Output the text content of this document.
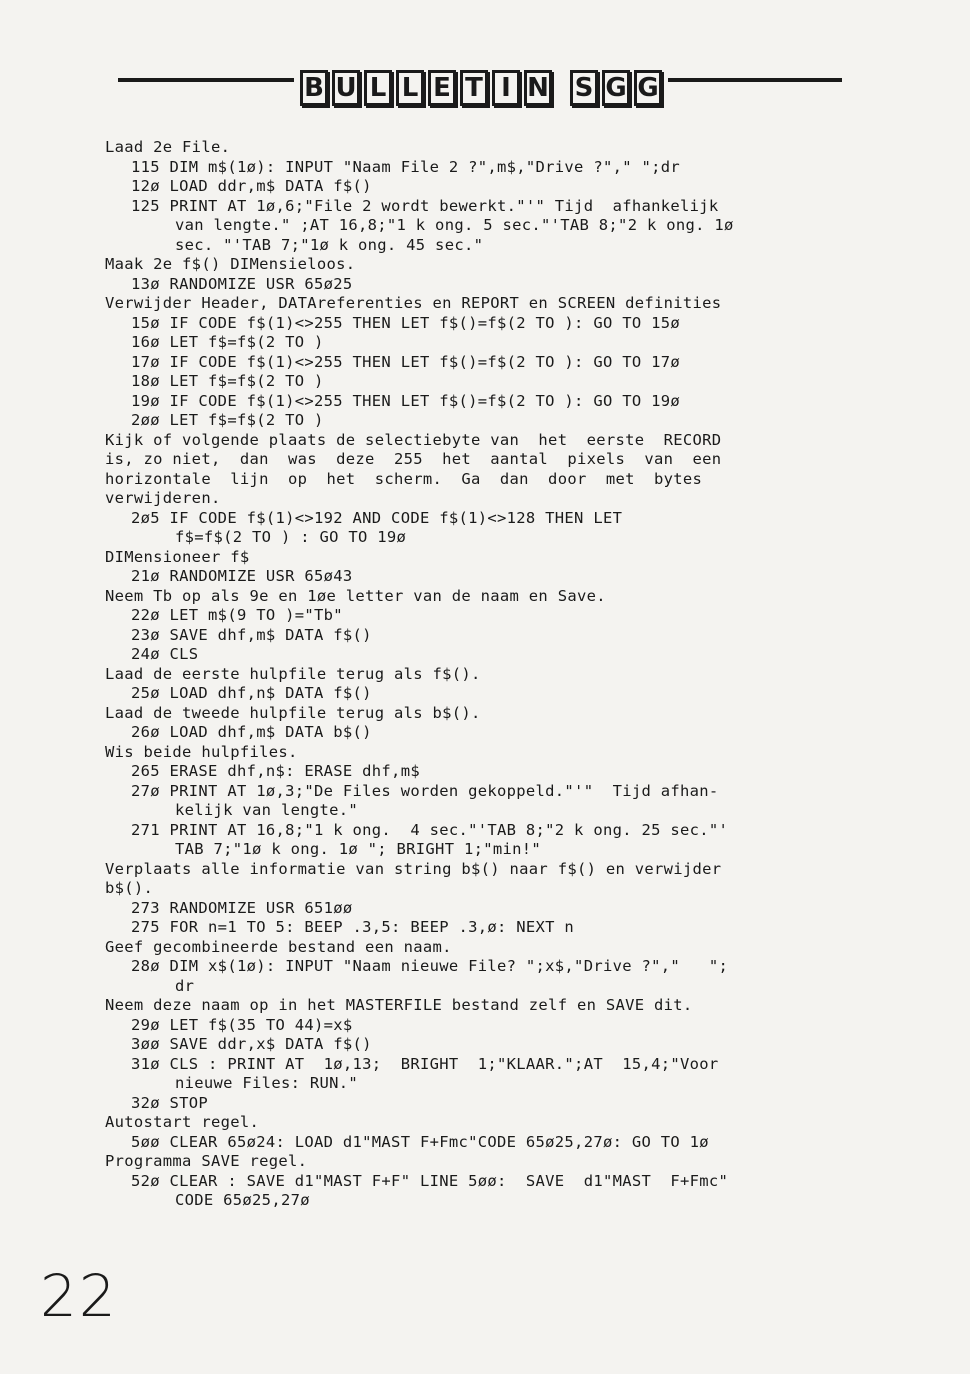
B U L L E T I N S G G
Laad 2e File.
115 DIM m$(1ø): INPUT "Naam File 2 ?",m$,"Drive ?"," ";dr
12ø LOAD ddr,m$ DATA f$()
125 PRINT AT 1ø,6;"File 2 wordt bewerkt."'" Tijd  afhankelijk
van lengte." ;AT 16,8;"1 k ong. 5 sec."'TAB 8;"2 k ong. 1ø
sec. "'TAB 7;"1ø k ong. 45 sec."
Maak 2e f$() DIMensieloos.
13ø RANDOMIZE USR 65ø25
Verwijder Header, DATAreferenties en REPORT en SCREEN definities
15ø IF CODE f$(1)<>255 THEN LET f$()=f$(2 TO ): GO TO 15ø
16ø LET f$=f$(2 TO )
17ø IF CODE f$(1)<>255 THEN LET f$()=f$(2 TO ): GO TO 17ø
18ø LET f$=f$(2 TO )
19ø IF CODE f$(1)<>255 THEN LET f$()=f$(2 TO ): GO TO 19ø
2øø LET f$=f$(2 TO )
Kijk of volgende plaats de selectiebyte van  het  eerste  RECORD
is, zo niet,  dan  was  deze  255  het  aantal  pixels  van  een
horizontale  lijn  op  het  scherm.  Ga  dan  door  met  bytes
verwijderen.
2ø5 IF CODE f$(1)<>192 AND CODE f$(1)<>128 THEN LET
f$=f$(2 TO ) : GO TO 19ø
DIMensioneer f$
21ø RANDOMIZE USR 65ø43
Neem Tb op als 9e en 1øe letter van de naam en Save.
22ø LET m$(9 TO )="Tb"
23ø SAVE dhf,m$ DATA f$()
24ø CLS
Laad de eerste hulpfile terug als f$().
25ø LOAD dhf,n$ DATA f$()
Laad de tweede hulpfile terug als b$().
26ø LOAD dhf,m$ DATA b$()
Wis beide hulpfiles.
265 ERASE dhf,n$: ERASE dhf,m$
27ø PRINT AT 1ø,3;"De Files worden gekoppeld."'"  Tijd afhan-
kelijk van lengte."
271 PRINT AT 16,8;"1 k ong.  4 sec."'TAB 8;"2 k ong. 25 sec."'
TAB 7;"1ø k ong. 1ø "; BRIGHT 1;"min!"
Verplaats alle informatie van string b$() naar f$() en verwijder
b$().
273 RANDOMIZE USR 651øø
275 FOR n=1 TO 5: BEEP .3,5: BEEP .3,ø: NEXT n
Geef gecombineerde bestand een naam.
28ø DIM x$(1ø): INPUT "Naam nieuwe File? ";x$,"Drive ?","   ";
dr
Neem deze naam op in het MASTERFILE bestand zelf en SAVE dit.
29ø LET f$(35 TO 44)=x$
3øø SAVE ddr,x$ DATA f$()
31ø CLS : PRINT AT  1ø,13;  BRIGHT  1;"KLAAR.";AT  15,4;"Voor
nieuwe Files: RUN."
32ø STOP
Autostart regel.
5øø CLEAR 65ø24: LOAD d1"MAST F+Fmc"CODE 65ø25,27ø: GO TO 1ø
Programma SAVE regel.
52ø CLEAR : SAVE d1"MAST F+F" LINE 5øø:  SAVE  d1"MAST  F+Fmc"
CODE 65ø25,27ø
22
